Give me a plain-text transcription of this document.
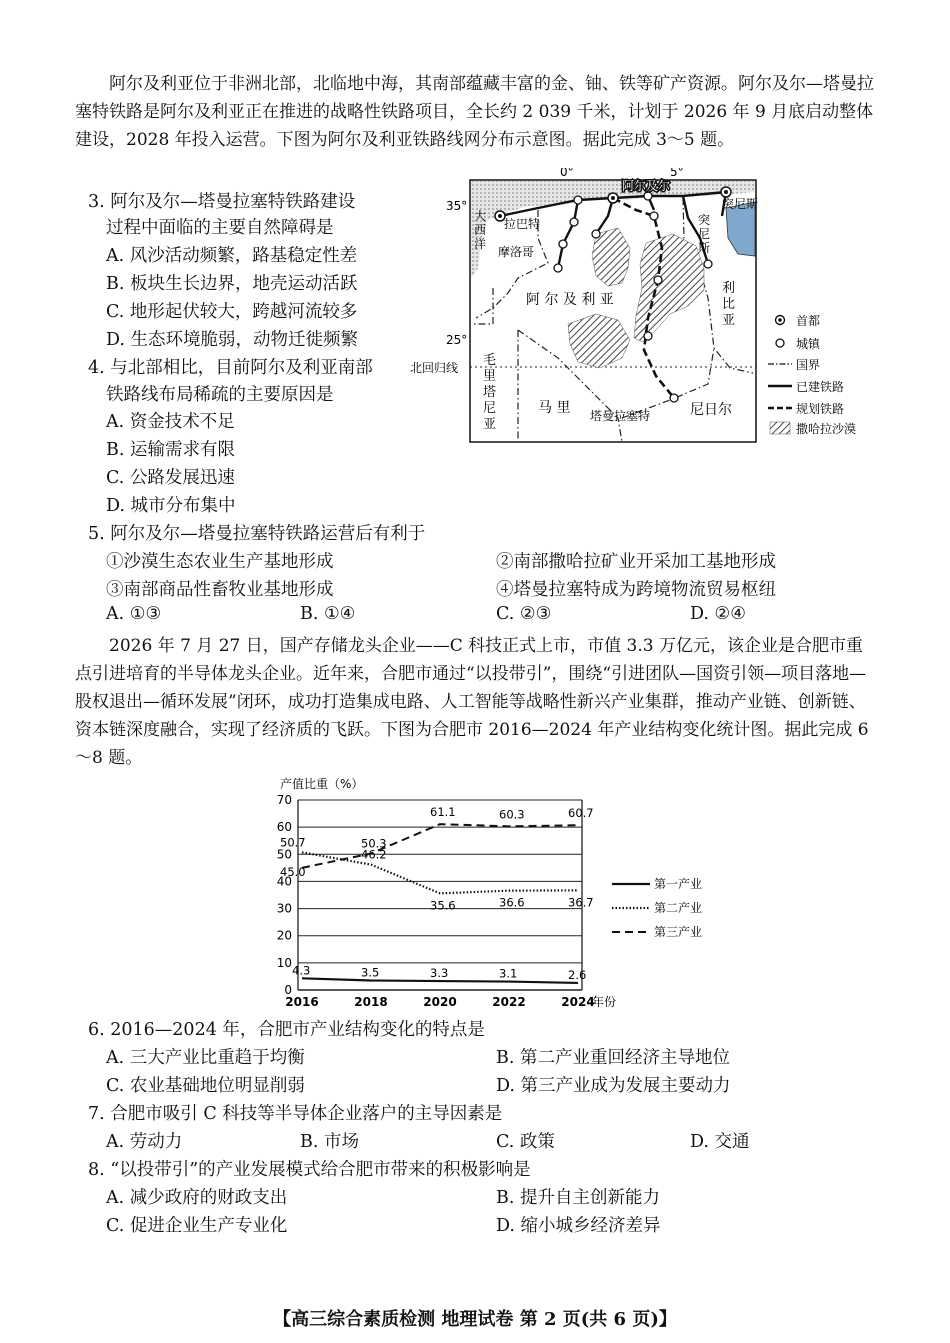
阿尔及利亚位于非洲北部，北临地中海，其南部蕴藏丰富的金、铀、铁等矿产资源。阿尔及尔—塔曼拉塞特铁路是阿尔及利亚正在推进的战略性铁路项目，全长约 2 039 千米，计划于 2026 年 9 月底启动整体建设，2028 年投入运营。下图为阿尔及利亚铁路线网分布示意图。据此完成 3～5 题。
3. 阿尔及尔—塔曼拉塞特铁路建设
过程中面临的主要自然障碍是
A. 风沙活动频繁，路基稳定性差
B. 板块生长边界，地壳运动活跃
C. 地形起伏较大，跨越河流较多
D. 生态环境脆弱，动物迁徙频繁
4. 与北部相比，目前阿尔及利亚南部
铁路线布局稀疏的主要原因是
A. 资金技术不足
B. 运输需求有限
C. 公路发展迅速
D. 城市分布集中
0°	5°
35°
25°
北回归线
阿尔及尔
突尼斯
突
尼
斯
拉巴特
摩洛哥
大
西
洋
阿 尔 及 利 亚
利
比
亚
毛
里
塔
尼
亚
马 里	尼日尔
塔曼拉塞特
首都
城镇
国界
已建铁路
规划铁路
撒哈拉沙漠
5. 阿尔及尔—塔曼拉塞特铁路运营后有利于
①沙漠生态农业生产基地形成	②南部撒哈拉矿业开采加工基地形成
③南部商品性畜牧业基地形成	④塔曼拉塞特成为跨境物流贸易枢纽
A. ①③	B. ①④	C. ②③	D. ②④
2026 年 7 月 27 日，国产存储龙头企业——C 科技正式上市，市值 3.3 万亿元，该企业是合肥市重点引进培育的半导体龙头企业。近年来，合肥市通过“以投带引”，围绕“引进团队—国资引领—项目落地—股权退出—循环发展”闭环，成功打造集成电路、人工智能等战略性新兴产业集群，推动产业链、创新链、资本链深度融合，实现了经济质的飞跃。下图为合肥市 2016—2024 年产业结构变化统计图。据此完成 6～8 题。
产值比重（%）
年份
0
10
20
30
40
50
60
70
2016	2018	2020	2022	2024
4.3	3.5	3.3	3.1	2.6
50.7
46.2
35.6	36.6	36.7
45.0
50.3
61.1	60.3	60.7
第一产业
第二产业
第三产业
6. 2016—2024 年，合肥市产业结构变化的特点是
A. 三大产业比重趋于均衡	B. 第二产业重回经济主导地位
C. 农业基础地位明显削弱	D. 第三产业成为发展主要动力
7. 合肥市吸引 C 科技等半导体企业落户的主导因素是
A. 劳动力	B. 市场	C. 政策	D. 交通
8. “以投带引”的产业发展模式给合肥市带来的积极影响是
A. 减少政府的财政支出	B. 提升自主创新能力
C. 促进企业生产专业化	D. 缩小城乡经济差异
【高三综合素质检测 地理试卷 第 2 页(共 6 页)】
